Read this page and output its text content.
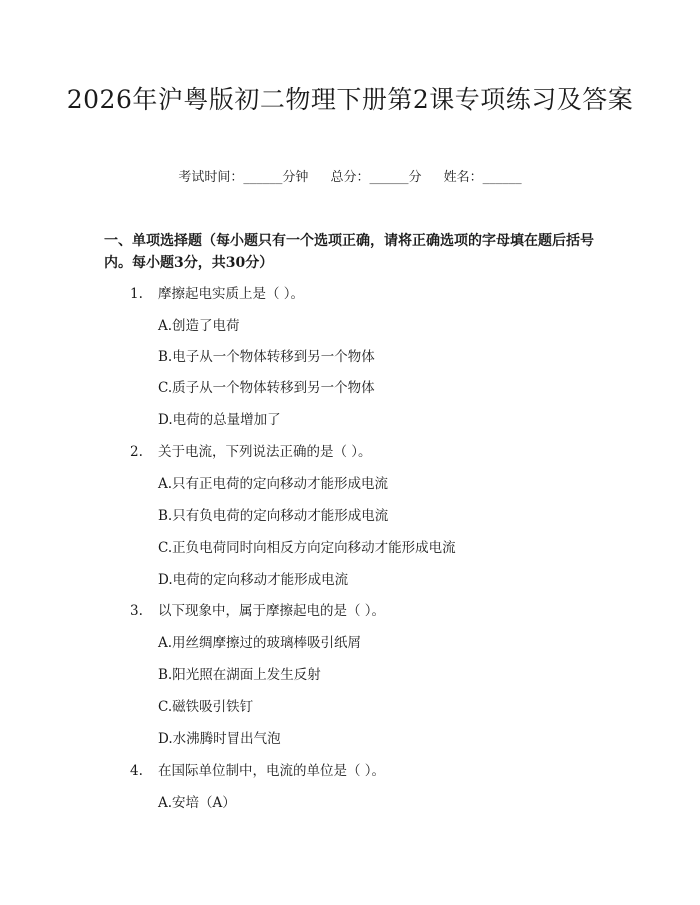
2026年沪粤版初二物理下册第2课专项练习及答案
考试时间：______分钟 总分：______分 姓名：______
一、单项选择题（每小题只有一个选项正确，请将正确选项的字母填在题后括号内。每小题3分，共30分）
1. 摩擦起电实质上是（ ）。
A.创造了电荷
B.电子从一个物体转移到另一个物体
C.质子从一个物体转移到另一个物体
D.电荷的总量增加了
2. 关于电流，下列说法正确的是（ ）。
A.只有正电荷的定向移动才能形成电流
B.只有负电荷的定向移动才能形成电流
C.正负电荷同时向相反方向定向移动才能形成电流
D.电荷的定向移动才能形成电流
3. 以下现象中，属于摩擦起电的是（ ）。
A.用丝绸摩擦过的玻璃棒吸引纸屑
B.阳光照在湖面上发生反射
C.磁铁吸引铁钉
D.水沸腾时冒出气泡
4. 在国际单位制中，电流的单位是（ ）。
A.安培（A）
